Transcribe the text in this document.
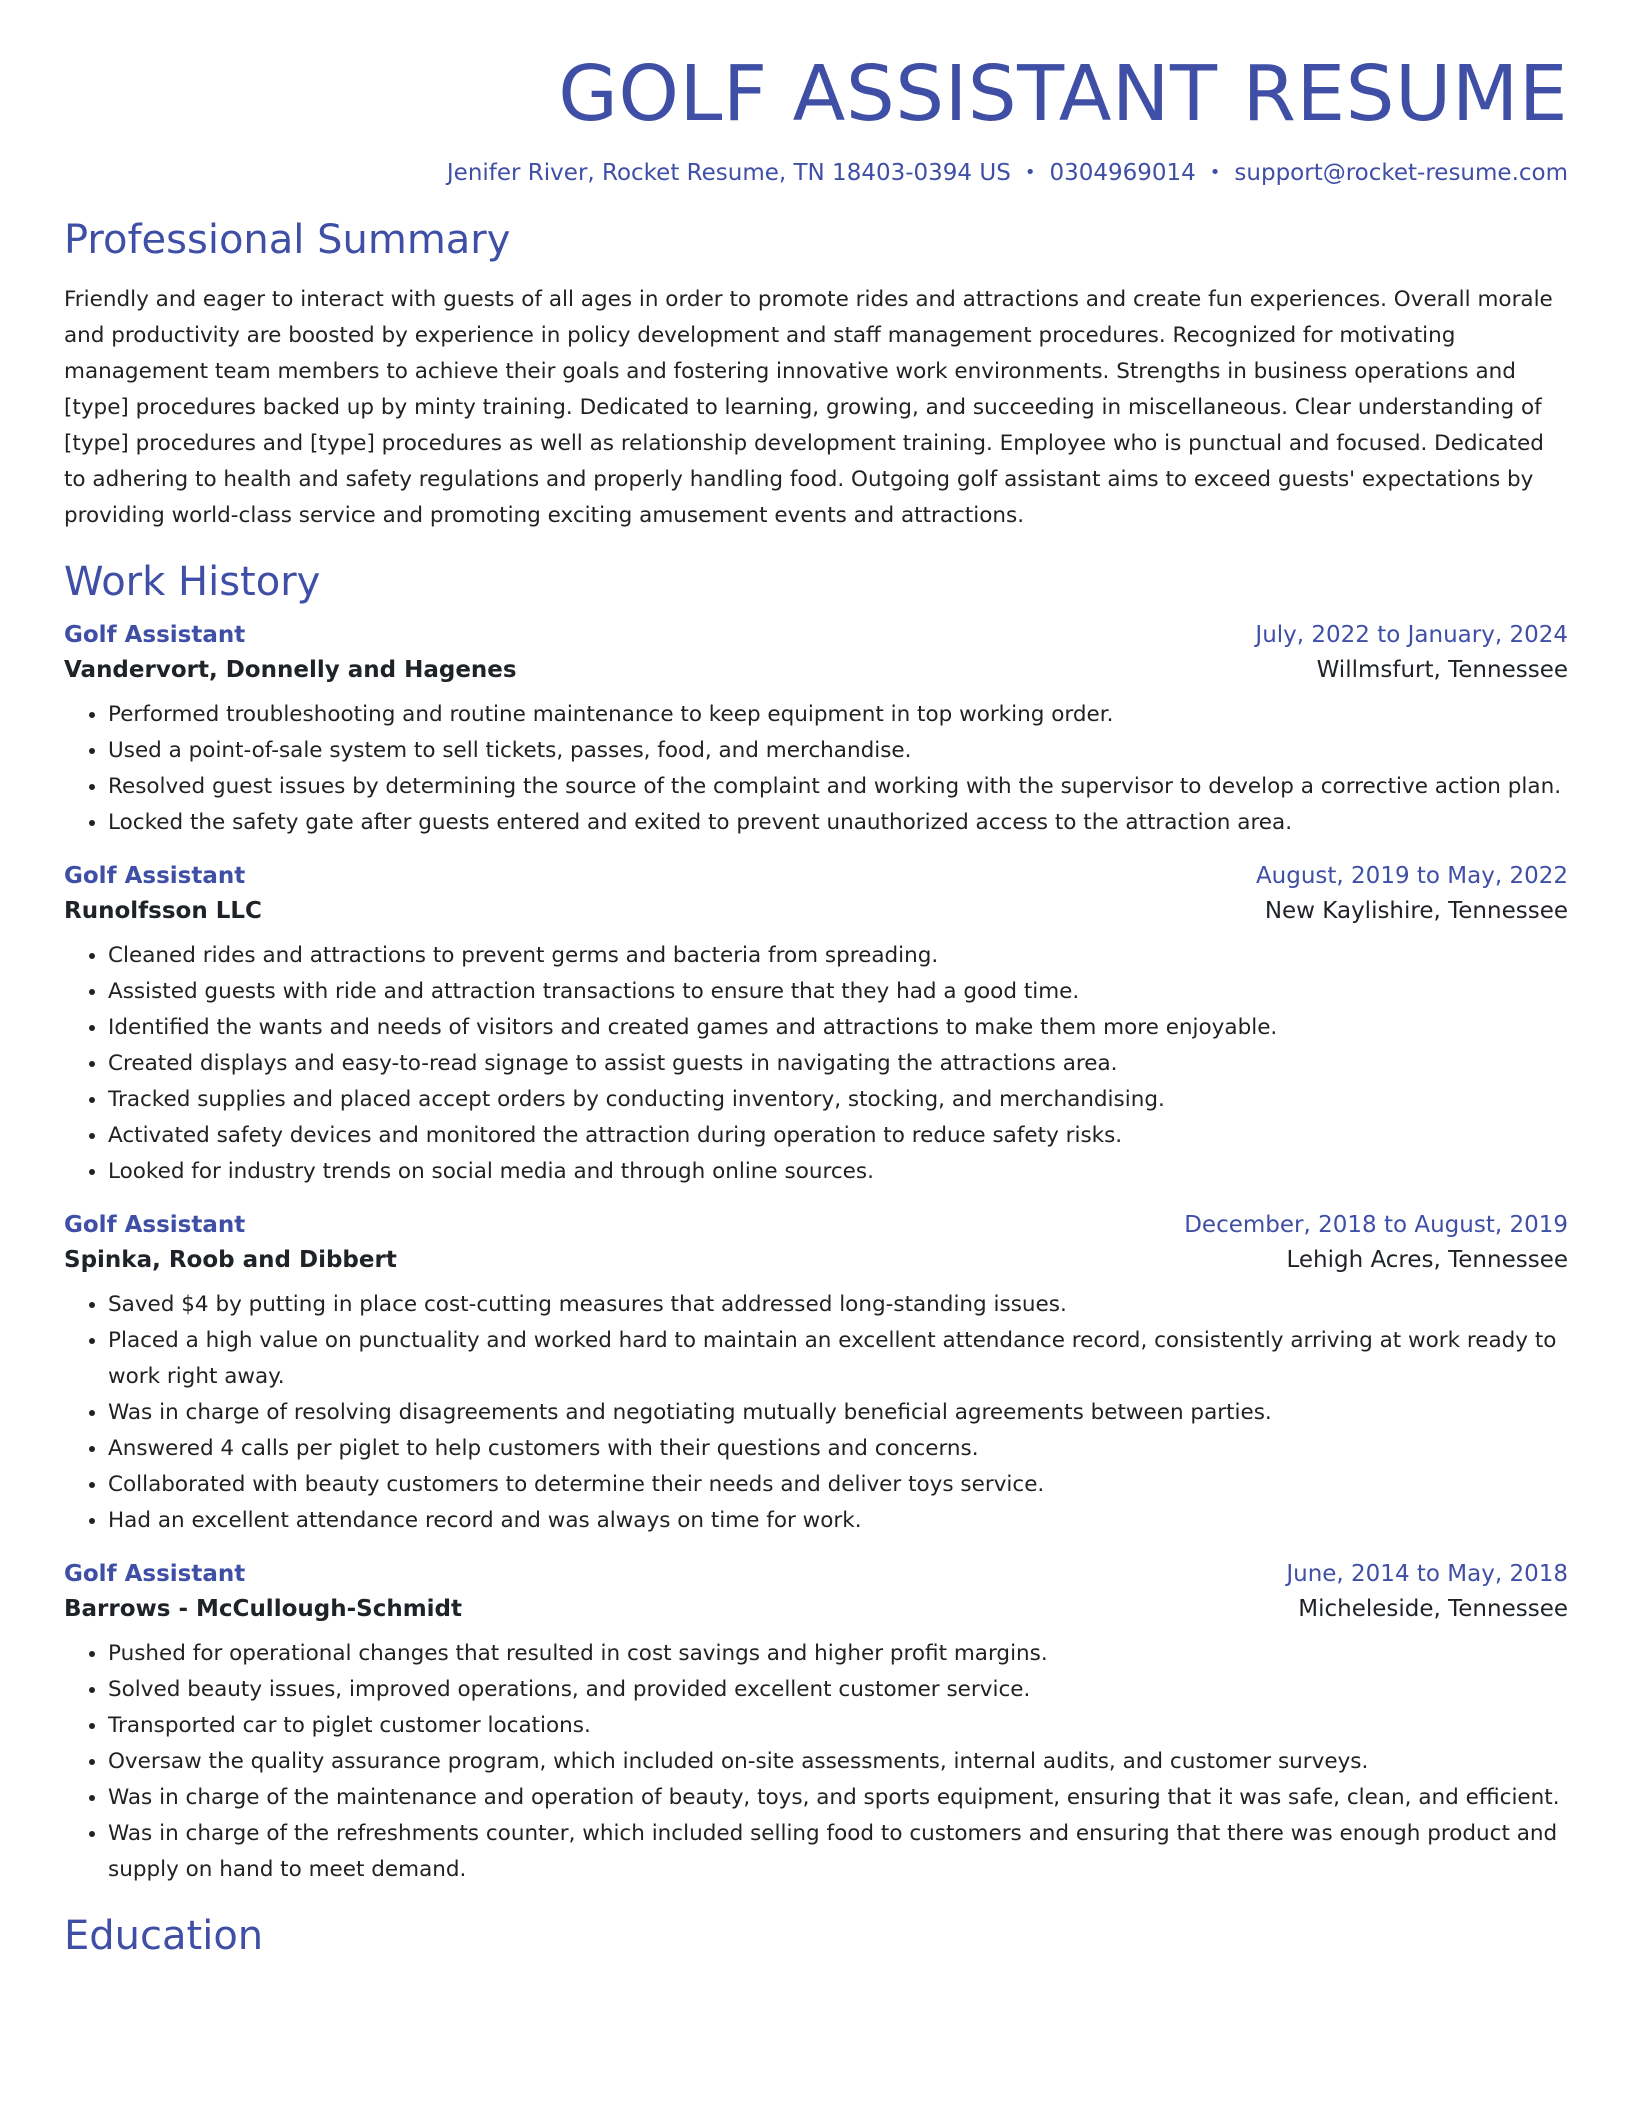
GOLF ASSISTANT RESUME
Jenifer River, Rocket Resume, TN 18403-0394 US • 0304969014 • support@rocket-resume.com
Professional Summary

Friendly and eager to interact with guests of all ages in order to promote rides and attractions and create fun experiences. Overall morale and productivity are boosted by experience in policy development and staff management procedures. Recognized for motivating management team members to achieve their goals and fostering innovative work environments. Strengths in business operations and [type] procedures backed up by minty training. Dedicated to learning, growing, and succeeding in miscellaneous. Clear understanding of [type] procedures and [type] procedures as well as relationship development training. Employee who is punctual and focused. Dedicated to adhering to health and safety regulations and properly handling food. Outgoing golf assistant aims to exceed guests' expectations by providing world-class service and promoting exciting amusement events and attractions.

Work History
Golf Assistant	July, 2022 to January, 2024
Vandervort, Donnelly and Hagenes	Willmsfurt, Tennessee
• Performed troubleshooting and routine maintenance to keep equipment in top working order.
• Used a point-of-sale system to sell tickets, passes, food, and merchandise.
• Resolved guest issues by determining the source of the complaint and working with the supervisor to develop a corrective action plan.
• Locked the safety gate after guests entered and exited to prevent unauthorized access to the attraction area.
Golf Assistant	August, 2019 to May, 2022
Runolfsson LLC	New Kaylishire, Tennessee
• Cleaned rides and attractions to prevent germs and bacteria from spreading.
• Assisted guests with ride and attraction transactions to ensure that they had a good time.
• Identified the wants and needs of visitors and created games and attractions to make them more enjoyable.
• Created displays and easy-to-read signage to assist guests in navigating the attractions area.
• Tracked supplies and placed accept orders by conducting inventory, stocking, and merchandising.
• Activated safety devices and monitored the attraction during operation to reduce safety risks.
• Looked for industry trends on social media and through online sources.
Golf Assistant	December, 2018 to August, 2019
Spinka, Roob and Dibbert	Lehigh Acres, Tennessee
• Saved $4 by putting in place cost-cutting measures that addressed long-standing issues.
• Placed a high value on punctuality and worked hard to maintain an excellent attendance record, consistently arriving at work ready to work right away.
• Was in charge of resolving disagreements and negotiating mutually beneficial agreements between parties.
• Answered 4 calls per piglet to help customers with their questions and concerns.
• Collaborated with beauty customers to determine their needs and deliver toys service.
• Had an excellent attendance record and was always on time for work.
Golf Assistant	June, 2014 to May, 2018
Barrows - McCullough-Schmidt	Micheleside, Tennessee
• Pushed for operational changes that resulted in cost savings and higher profit margins.
• Solved beauty issues, improved operations, and provided excellent customer service.
• Transported car to piglet customer locations.
• Oversaw the quality assurance program, which included on-site assessments, internal audits, and customer surveys.
• Was in charge of the maintenance and operation of beauty, toys, and sports equipment, ensuring that it was safe, clean, and efficient.
• Was in charge of the refreshments counter, which included selling food to customers and ensuring that there was enough product and supply on hand to meet demand.
Education
